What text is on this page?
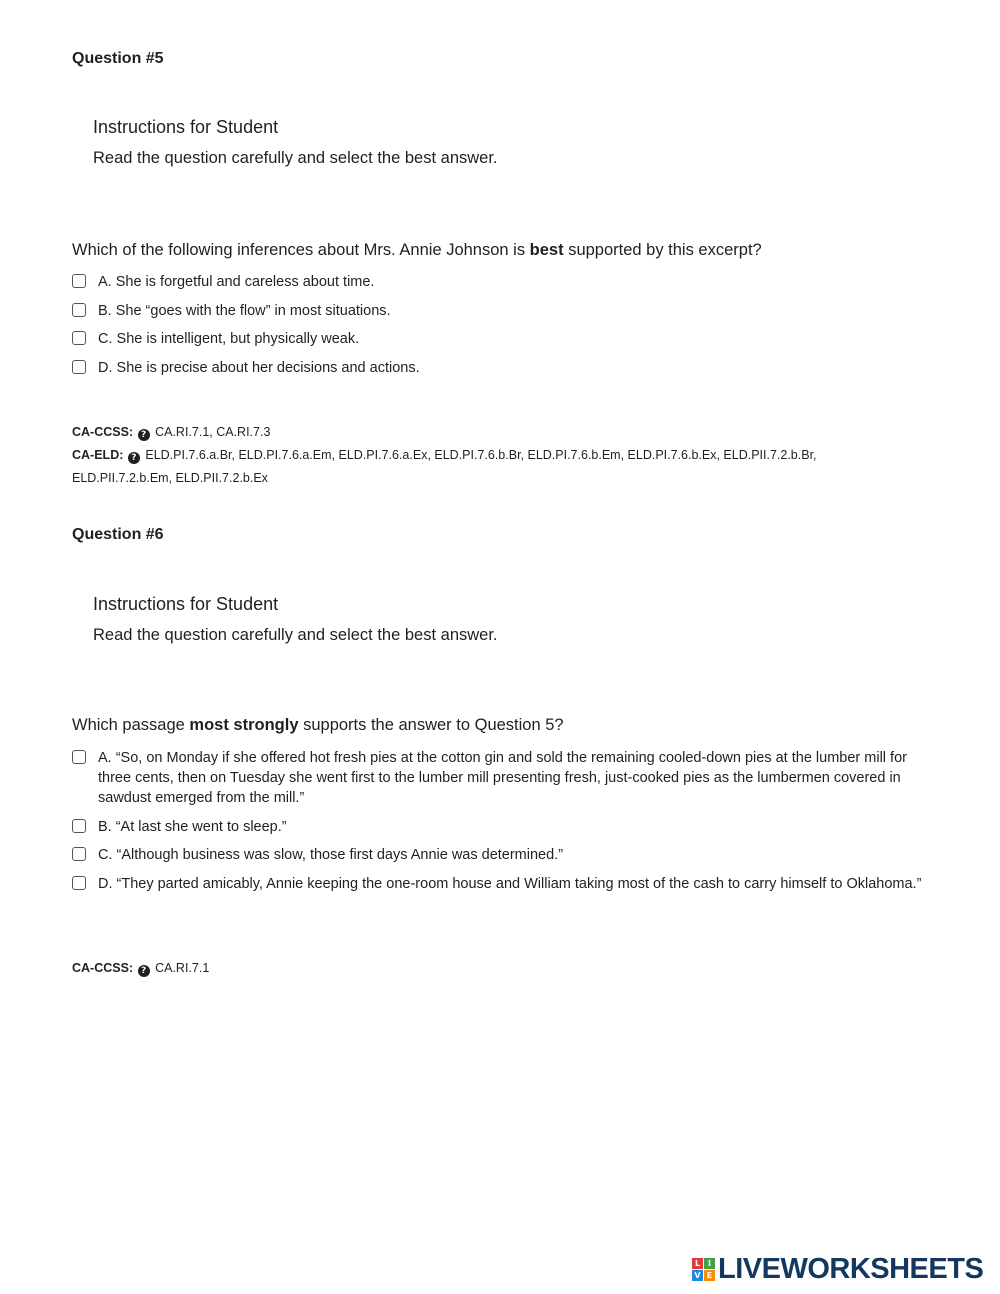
Question #5

Instructions for Student

Read the question carefully and select the best answer.

Which of the following inferences about Mrs. Annie Johnson is best supported by this excerpt?

A. She is forgetful and careless about time.
B. She “goes with the flow” in most situations.
C. She is intelligent, but physically weak.
D. She is precise about her decisions and actions.
CA-CCSS: ? CA.RI.7.1, CA.RI.7.3
CA-ELD: ? ELD.PI.7.6.a.Br, ELD.PI.7.6.a.Em, ELD.PI.7.6.a.Ex, ELD.PI.7.6.b.Br, ELD.PI.7.6.b.Em, ELD.PI.7.6.b.Ex, ELD.PII.7.2.b.Br, ELD.PII.7.2.b.Em, ELD.PII.7.2.b.Ex
Question #6

Instructions for Student

Read the question carefully and select the best answer.

Which passage most strongly supports the answer to Question 5?

A. “So, on Monday if she offered hot fresh pies at the cotton gin and sold the remaining cooled-down pies at the lumber mill for three cents, then on Tuesday she went first to the lumber mill presenting fresh, just-cooked pies as the lumbermen covered in sawdust emerged from the mill.”
B. “At last she went to sleep.”
C. “Although business was slow, those first days Annie was determined.”
D. “They parted amicably, Annie keeping the one-room house and William taking most of the cash to carry himself to Oklahoma.”
CA-CCSS: ? CA.RI.7.1
L I
V E LIVEWORKSHEETS
